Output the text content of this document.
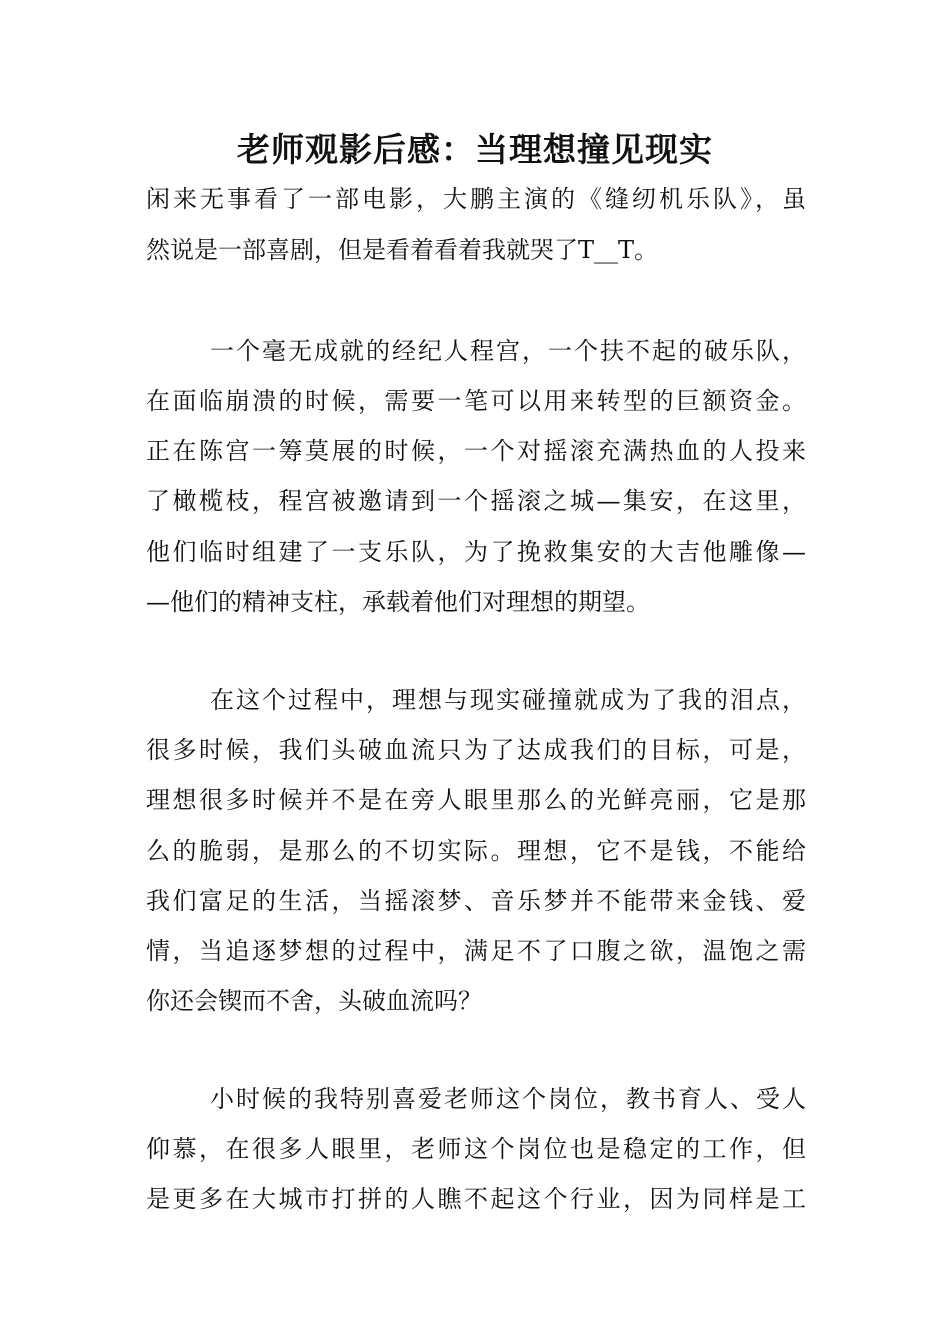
老师观影后感：当理想撞见现实
闲来无事看了一部电影，大鹏主演的《缝纫机乐队》，虽
然说是一部喜剧，但是看着看着我就哭了T__T。
一个毫无成就的经纪人程宫，一个扶不起的破乐队，
在面临崩溃的时候，需要一笔可以用来转型的巨额资金。
正在陈宫一筹莫展的时候，一个对摇滚充满热血的人投来
了橄榄枝，程宫被邀请到一个摇滚之城—集安，在这里，
他们临时组建了一支乐队，为了挽救集安的大吉他雕像—
—他们的精神支柱，承载着他们对理想的期望。
在这个过程中，理想与现实碰撞就成为了我的泪点，
很多时候，我们头破血流只为了达成我们的目标，可是，
理想很多时候并不是在旁人眼里那么的光鲜亮丽，它是那
么的脆弱，是那么的不切实际。理想，它不是钱，不能给
我们富足的生活，当摇滚梦、音乐梦并不能带来金钱、爱
情，当追逐梦想的过程中，满足不了口腹之欲，温饱之需
你还会锲而不舍，头破血流吗？
小时候的我特别喜爱老师这个岗位，教书育人、受人
仰慕，在很多人眼里，老师这个岗位也是稳定的工作，但
是更多在大城市打拼的人瞧不起这个行业，因为同样是工
